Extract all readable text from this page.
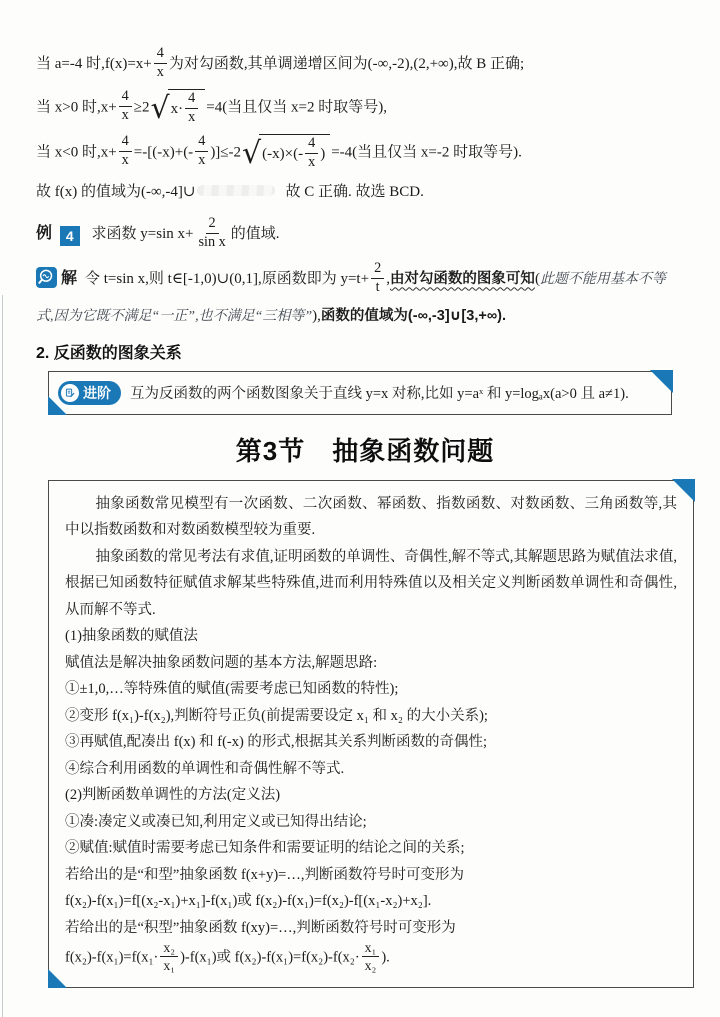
当 a=-4 时$,f(x)=x+ \frac{4}{x}$ 为对勾函数,其单调递增区间为(-∞,-2),(2,+∞),故 B 正确;
当 x>0 时$,x+ \frac{4}{x} \ge 2$ √ $x\cdot \frac{4}{x} =4$(当且仅当 x=2 时取等号),
当 x<0 时$,x+ \frac{4}{x} =-[(-x)+(- \frac{4}{x} )]\le-2$ √ $(-x)\times(- \frac{4}{x}$ ) =-4(当且仅当 x=-2 时取等号).
故 f(x) 的值域为(-∞,-4]∪	故 C 正确. 故选 BCD.
例 4 求函数 y=sin $x+ \frac{2}{\text{sin x}}$ 的值域.
解 令 t=sin x,则 t∈[-1,0)∪(0,1],原函数即为 $y=t+ \frac{2}{t}$ ,由对勾函数的图象可知(此题不能用基本不等
式,因为它既不满足“一正”,也不满足“三相等”),函数的值域为(-∞,-3]∪[3,+∞).
2. 反函数的图象关系
进阶 互为反函数的两个函数图象关于直线 y=x 对称,比如 y=aˣ 和 y=logₐx(a>0 且 a≠1).
第3节　抽象函数问题

抽象函数常见模型有一次函数、二次函数、幂函数、指数函数、对数函数、三角函数等,其中以指数函数和对数函数模型较为重要.

抽象函数的常见考法有求值,证明函数的单调性、奇偶性,解不等式,其解题思路为赋值法求值,根据已知函数特征赋值求解某些特殊值,进而利用特殊值以及相关定义判断函数单调性和奇偶性,从而解不等式.

(1)抽象函数的赋值法

赋值法是解决抽象函数问题的基本方法,解题思路:

①±1,0,…等特殊值的赋值(需要考虑已知函数的特性);

②变形 f(x₁)-f(x₂),判断符号正负(前提需要设定 x₁ 和 x₂ 的大小关系);

③再赋值,配凑出 f(x) 和 f(-x) 的形式,根据其关系判断函数的奇偶性;

④综合利用函数的单调性和奇偶性解不等式.

(2)判断函数单调性的方法(定义法)

①凑:凑定义或凑已知,利用定义或已知得出结论;

②赋值:赋值时需要考虑已知条件和需要证明的结论之间的关系;

若给出的是“和型”抽象函数 f(x+y)=…,判断函数符号时可变形为

f(x₂)-f(x₁)=f[(x₂-x₁)+x₁]-f(x₁)或 f(x₂)-f(x₁)=f(x₂)-f[(x₁-x₂)+x₂].

若给出的是“积型”抽象函数 f(xy)=…,判断函数符号时可变形为

$f(x_2)-f(x_1)=f(x_1\cdot \frac{\text{x₂}}{\text{x₁}} )-f(x_1)$或 $f(x_2)-f(x_1)=f(x_2)-f(x_2\cdot \frac{\text{x₁}}{\text{x₂}}$ ).
